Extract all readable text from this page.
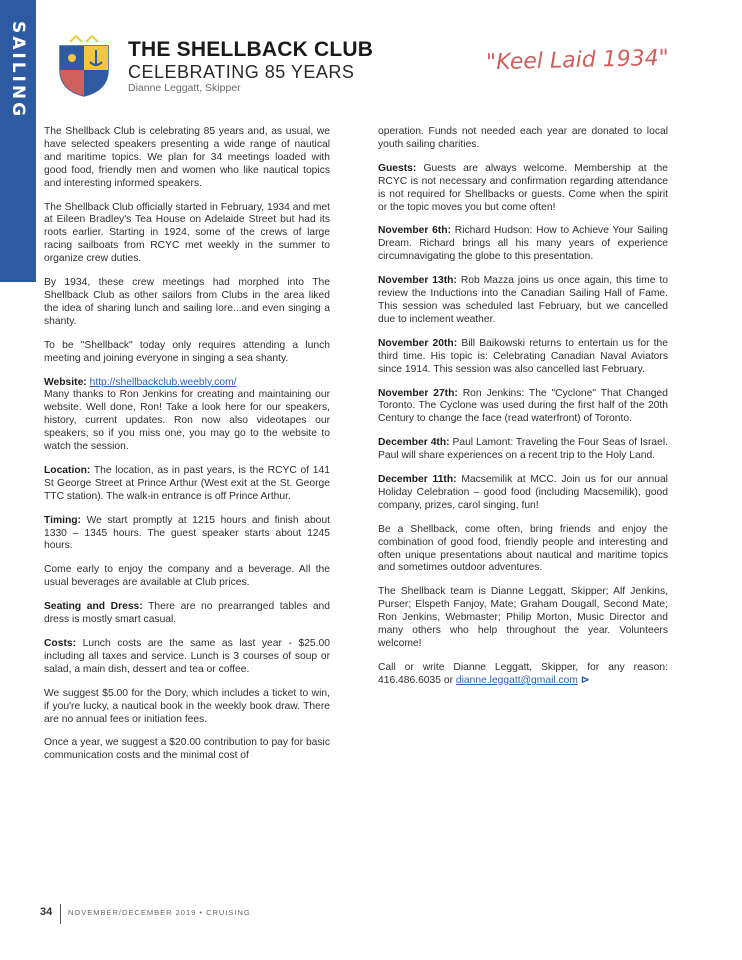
SAILING	THE SHELLBACK CLUB
CELEBRATING 85 YEARS
Dianne Leggatt, Skipper
"Keel Laid 1934"

The Shellback Club is celebrating 85 years and, as usual, we have selected speakers presenting a wide range of nautical and maritime topics. We plan for 34 meetings loaded with good food, friendly men and women who like nautical topics and interesting informed speakers.

The Shellback Club officially started in February, 1934 and met at Eileen Bradley's Tea House on Adelaide Street but had its roots earlier. Starting in 1924, some of the crews of large racing sailboats from RCYC met weekly in the summer to organize crew duties.

By 1934, these crew meetings had morphed into The Shellback Club as other sailors from Clubs in the area liked the idea of sharing lunch and sailing lore...and even singing a shanty.

To be "Shellback" today only requires attending a lunch meeting and joining everyone in singing a sea shanty.

Website: http://shellbackclub.weebly.com/
Many thanks to Ron Jenkins for creating and maintaining our website. Well done, Ron! Take a look here for our speakers, history, current updates. Ron now also videotapes our speakers, so if you miss one, you may go to the website to watch the session.

Location: The location, as in past years, is the RCYC of 141 St George Street at Prince Arthur (West exit at the St. George TTC station). The walk-in entrance is off Prince Arthur.

Timing: We start promptly at 1215 hours and finish about 1330 – 1345 hours. The guest speaker starts about 1245 hours.

Come early to enjoy the company and a beverage. All the usual beverages are available at Club prices.

Seating and Dress: There are no prearranged tables and dress is mostly smart casual.

Costs: Lunch costs are the same as last year - $25.00 including all taxes and service. Lunch is 3 courses of soup or salad, a main dish, dessert and tea or coffee.

We suggest $5.00 for the Dory, which includes a ticket to win, if you're lucky, a nautical book in the weekly book draw. There are no annual fees or initiation fees.

Once a year, we suggest a $20.00 contribution to pay for basic communication costs and the minimal cost of

operation. Funds not needed each year are donated to local youth sailing charities.

Guests: Guests are always welcome. Membership at the RCYC is not necessary and confirmation regarding attendance is not required for Shellbacks or guests. Come when the spirit or the topic moves you but come often!

November 6th: Richard Hudson: How to Achieve Your Sailing Dream. Richard brings all his many years of experience circumnavigating the globe to this presentation.

November 13th: Rob Mazza joins us once again, this time to review the Inductions into the Canadian Sailing Hall of Fame. This session was scheduled last February, but we cancelled due to inclement weather.

November 20th: Bill Baikowski returns to entertain us for the third time. His topic is: Celebrating Canadian Naval Aviators since 1914. This session was also cancelled last February.

November 27th: Ron Jenkins: The "Cyclone" That Changed Toronto. The Cyclone was used during the first half of the 20th Century to change the face (read waterfront) of Toronto.

December 4th: Paul Lamont: Traveling the Four Seas of Israel. Paul will share experiences on a recent trip to the Holy Land.

December 11th: Macsemilik at MCC. Join us for our annual Holiday Celebration – good food (including Macsemilik), good company, prizes, carol singing, fun!

Be a Shellback, come often, bring friends and enjoy the combination of good food, friendly people and interesting and often unique presentations about nautical and maritime topics and sometimes outdoor adventures.

The Shellback team is Dianne Leggatt, Skipper; Alf Jenkins, Purser; Elspeth Fanjoy, Mate; Graham Dougall, Second Mate; Ron Jenkins, Webmaster; Philip Morton, Music Director and many others who help throughout the year. Volunteers welcome!

Call or write Dianne Leggatt, Skipper, for any reason: 416.486.6035 or dianne.leggatt@gmail.com ⊳

34 NOVEMBER/DECEMBER 2019 • CRUISING
